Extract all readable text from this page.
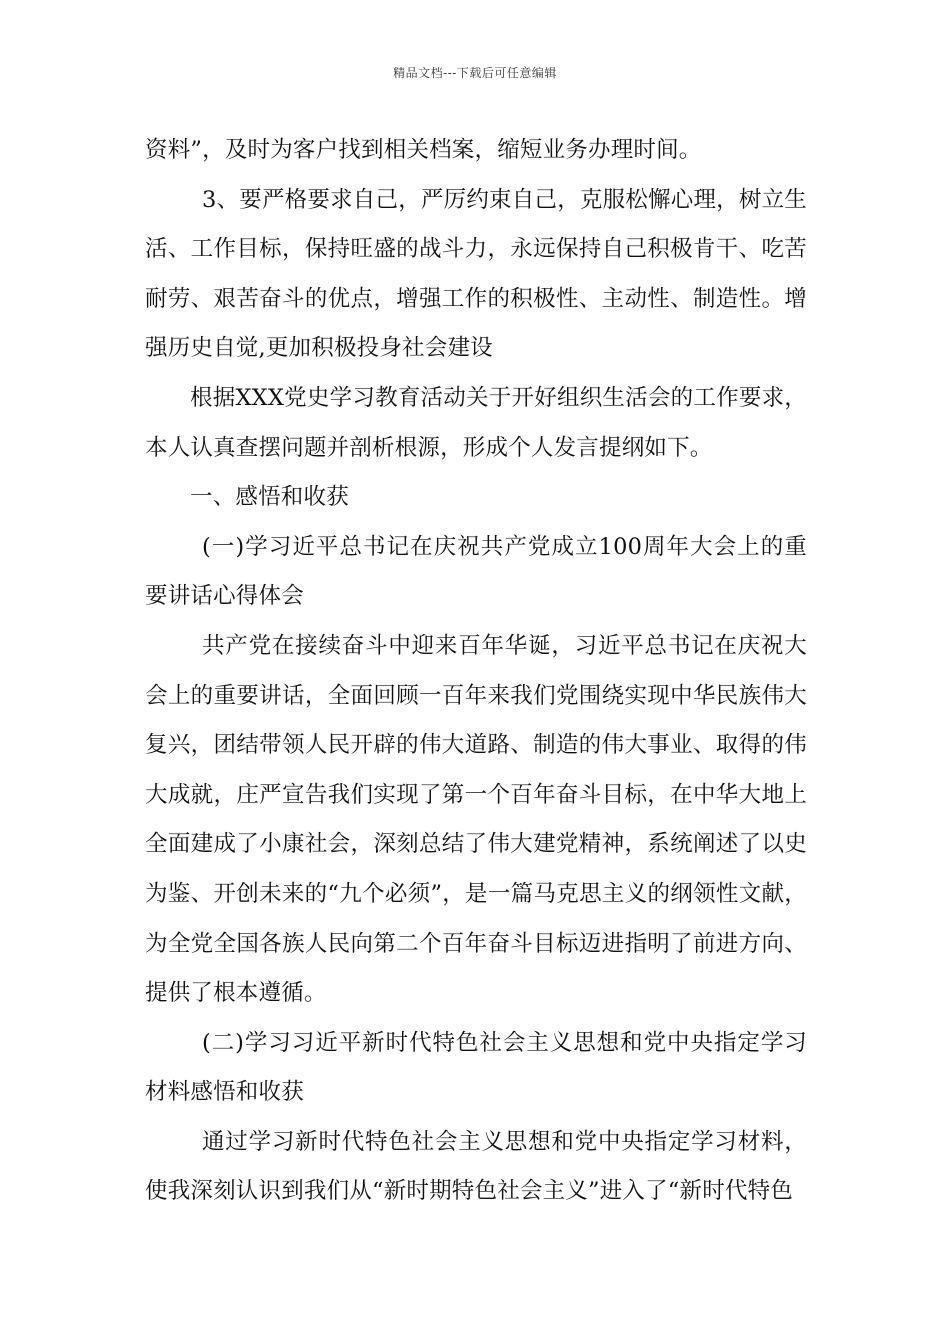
精品文档---下载后可任意编辑

资料”，及时为客户找到相关档案，缩短业务办理时间。

3、要严格要求自己，严厉约束自己，克服松懈心理，树立生活、工作目标，保持旺盛的战斗力，永远保持自己积极肯干、吃苦耐劳、艰苦奋斗的优点，增强工作的积极性、主动性、制造性。增强历史自觉,更加积极投身社会建设

根据XXX党史学习教育活动关于开好组织生活会的工作要求，本人认真查摆问题并剖析根源，形成个人发言提纲如下。

一、感悟和收获

(一)学习近平总书记在庆祝共产党成立100周年大会上的重要讲话心得体会

共产党在接续奋斗中迎来百年华诞，习近平总书记在庆祝大会上的重要讲话，全面回顾一百年来我们党围绕实现中华民族伟大复兴，团结带领人民开辟的伟大道路、制造的伟大事业、取得的伟大成就，庄严宣告我们实现了第一个百年奋斗目标，在中华大地上全面建成了小康社会，深刻总结了伟大建党精神，系统阐述了以史为鉴、开创未来的“九个必须”，是一篇马克思主义的纲领性文献，为全党全国各族人民向第二个百年奋斗目标迈进指明了前进方向、提供了根本遵循。

(二)学习习近平新时代特色社会主义思想和党中央指定学习材料感悟和收获

通过学习新时代特色社会主义思想和党中央指定学习材料，使我深刻认识到我们从“新时期特色社会主义”进入了“新时代特色
